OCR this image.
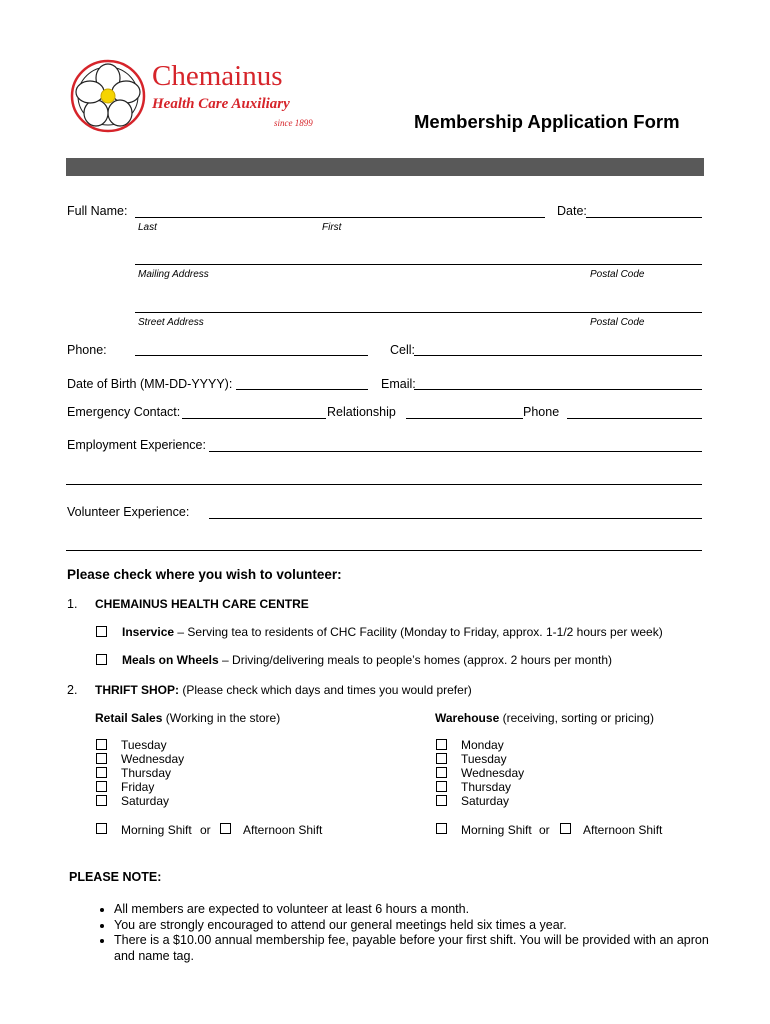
Chemainus
Health Care Auxiliary
since 1899	Membership Application Form
Full Name:	Date:
Last	First
Mailing Address	Postal Code
Street Address	Postal Code
Phone:	Cell:
Date of Birth (MM-DD-YYYY):	Email:
Emergency Contact:	Relationship	Phone
Employment Experience:
Volunteer Experience:
Please check where you wish to volunteer:
1. CHEMAINUS HEALTH CARE CENTRE
Inservice – Serving tea to residents of CHC Facility (Monday to Friday, approx. 1-1/2 hours per week)
Meals on Wheels – Driving/delivering meals to people’s homes (approx. 2 hours per month)
2. THRIFT SHOP: (Please check which days and times you would prefer)
Retail Sales (Working in the store)
Tuesday
Wednesday
Thursday
Friday
Saturday
Morning Shift or	Afternoon Shift
Warehouse (receiving, sorting or pricing)
Monday
Tuesday
Wednesday
Thursday
Saturday
Morning Shift or	Afternoon Shift
PLEASE NOTE:
• All members are expected to volunteer at least 6 hours a month.
• You are strongly encouraged to attend our general meetings held six times a year.
• There is a $10.00 annual membership fee, payable before your first shift. You will be provided with an apron and name tag.
